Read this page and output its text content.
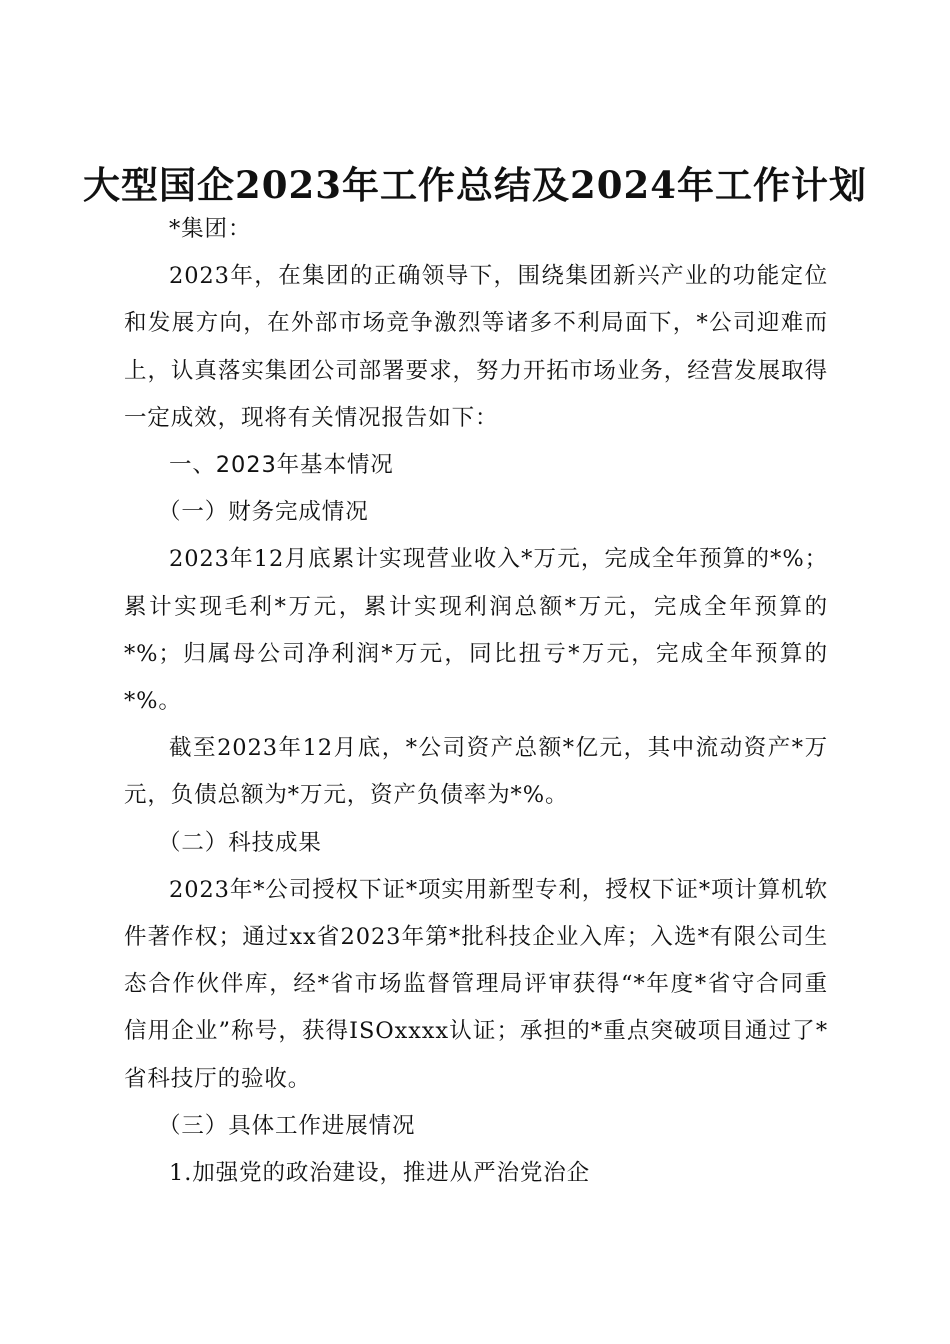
大型国企2023年工作总结及2024年工作计划

*集团：

2023年，在集团的正确领导下，围绕集团新兴产业的功能定位和发展方向，在外部市场竞争激烈等诸多不利局面下，*公司迎难而上，认真落实集团公司部署要求，努力开拓市场业务，经营发展取得一定成效，现将有关情况报告如下：

一、2023年基本情况

（一）财务完成情况

2023年12月底累计实现营业收入*万元，完成全年预算的*%；累计实现毛利*万元，累计实现利润总额*万元，完成全年预算的*%；归属母公司净利润*万元，同比扭亏*万元，完成全年预算的*%。

截至2023年12月底，*公司资产总额*亿元，其中流动资产*万元，负债总额为*万元，资产负债率为*%。

（二）科技成果

2023年*公司授权下证*项实用新型专利，授权下证*项计算机软件著作权；通过xx省2023年第*批科技企业入库；入选*有限公司生态合作伙伴库，经*省市场监督管理局评审获得“*年度*省守合同重信用企业”称号，获得ISOxxxx认证；承担的*重点突破项目通过了*省科技厅的验收。

（三）具体工作进展情况

1.加强党的政治建设，推进从严治党治企
